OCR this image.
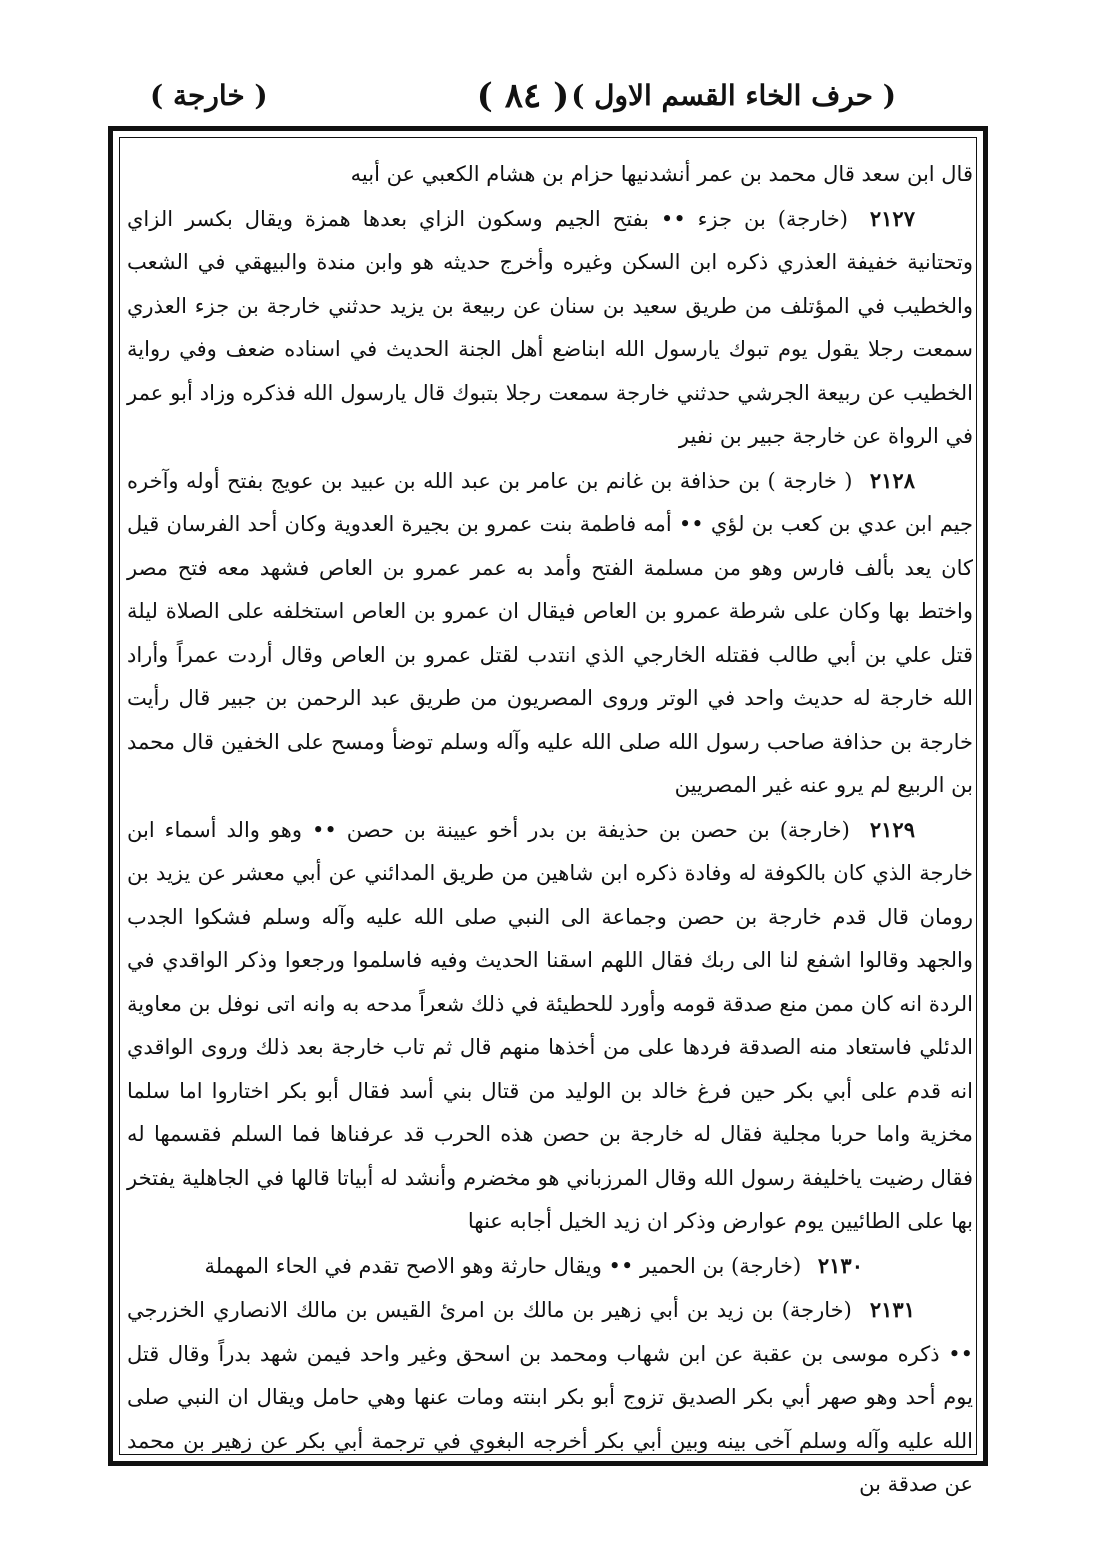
( حرف الخاء القسم الاول )
( ٨٤ )
( خارجة )

قال ابن سعد قال محمد بن عمر أنشدنيها حزام بن هشام الكعبي عن أبيه

٢١٢٧ (خارجة) بن جزء •• بفتح الجيم وسكون الزاي بعدها همزة ويقال بكسر الزاي وتحتانية خفيفة العذري ذكره ابن السكن وغيره وأخرج حديثه هو وابن مندة والبيهقي في الشعب والخطيب في المؤتلف من طريق سعيد بن سنان عن ربيعة بن يزيد حدثني خارجة بن جزء العذري سمعت رجلا يقول يوم تبوك يارسول الله ابناضع أهل الجنة الحديث في اسناده ضعف وفي رواية الخطيب عن ربيعة الجرشي حدثني خارجة سمعت رجلا بتبوك قال يارسول الله فذكره وزاد أبو عمر في الرواة عن خارجة جبير بن نفير

٢١٢٨ ( خارجة ) بن حذافة بن غانم بن عامر بن عبد الله بن عبيد بن عويج بفتح أوله وآخره جيم ابن عدي بن كعب بن لؤي •• أمه فاطمة بنت عمرو بن بجيرة العدوية وكان أحد الفرسان قيل كان يعد بألف فارس وهو من مسلمة الفتح وأمد به عمر عمرو بن العاص فشهد معه فتح مصر واختط بها وكان على شرطة عمرو بن العاص فيقال ان عمرو بن العاص استخلفه على الصلاة ليلة قتل علي بن أبي طالب فقتله الخارجي الذي انتدب لقتل عمرو بن العاص وقال أردت عمراً وأراد الله خارجة له حديث واحد في الوتر وروى المصريون من طريق عبد الرحمن بن جبير قال رأيت خارجة بن حذافة صاحب رسول الله صلى الله عليه وآله وسلم توضأ ومسح على الخفين قال محمد بن الربيع لم يرو عنه غير المصريين

٢١٢٩ (خارجة) بن حصن بن حذيفة بن بدر أخو عيينة بن حصن •• وهو والد أسماء ابن خارجة الذي كان بالكوفة له وفادة ذكره ابن شاهين من طريق المدائني عن أبي معشر عن يزيد بن رومان قال قدم خارجة بن حصن وجماعة الى النبي صلى الله عليه وآله وسلم فشكوا الجدب والجهد وقالوا اشفع لنا الى ربك فقال اللهم اسقنا الحديث وفيه فاسلموا ورجعوا وذكر الواقدي في الردة انه كان ممن منع صدقة قومه وأورد للحطيئة في ذلك شعراً مدحه به وانه اتى نوفل بن معاوية الدئلي فاستعاد منه الصدقة فردها على من أخذها منهم قال ثم تاب خارجة بعد ذلك وروى الواقدي انه قدم على أبي بكر حين فرغ خالد بن الوليد من قتال بني أسد فقال أبو بكر اختاروا اما سلما مخزية واما حربا مجلية فقال له خارجة بن حصن هذه الحرب قد عرفناها فما السلم فقسمها له فقال رضيت ياخليفة رسول الله وقال المرزباني هو مخضرم وأنشد له أبياتا قالها في الجاهلية يفتخر بها على الطائيين يوم عوارض وذكر ان زيد الخيل أجابه عنها

٢١٣٠ (خارجة) بن الحمير •• ويقال حارثة وهو الاصح تقدم في الحاء المهملة

٢١٣١ (خارجة) بن زيد بن أبي زهير بن مالك بن امرئ القيس بن مالك الانصاري الخزرجي •• ذكره موسى بن عقبة عن ابن شهاب ومحمد بن اسحق وغير واحد فيمن شهد بدراً وقال قتل يوم أحد وهو صهر أبي بكر الصديق تزوج أبو بكر ابنته ومات عنها وهي حامل ويقال ان النبي صلى الله عليه وآله وسلم آخى بينه وبين أبي بكر أخرجه البغوي في ترجمة أبي بكر عن زهير بن محمد عن صدقة بن
